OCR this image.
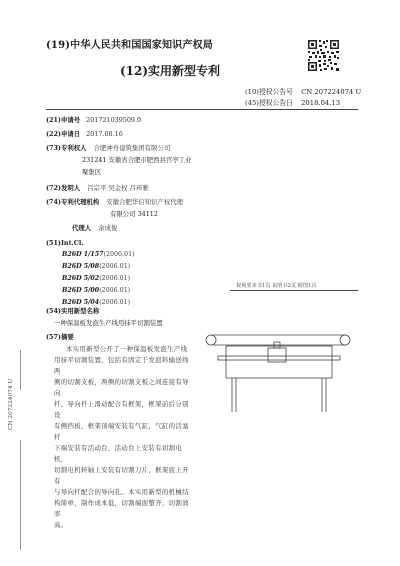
(19)中华人民共和国国家知识产权局
(12)实用新型专利
(10)授权公告号 CN 207224074 U
(45)授权公告日 2018.04.13
(21)申请号 201721039509.0
(22)申请日 2017.08.16
(73)专利权人 合肥神舟建筑集团有限公司
231241 安徽省合肥市肥西县官亭工业
聚集区
(72)发明人 吕宗平 吴金权 吕环雅
(74)专利代理机构 安徽合肥华信知识产权代理
有限公司 34112
代理人 余成俊
(51)Int.Cl.
B26D 1/157(2006.01)
B26D 5/08(2006.01)
B26D 5/02(2006.01)
B26D 5/00(2006.01)
B26D 5/04(2006.01)
权利要求书1页 说明书2页 附图1页
(54)实用新型名称
一种保温板发泡生产线用抹平切割装置
(57)摘要
本实用新型公开了一种保温板发泡生产线
用抹平切割装置，包括有固定于发泡料输送线两
侧的切割支板，两侧的切割支板之间连接有导向
杆，导向杆上滑动配合有框架，框架前后分别设
有侧挡板，框架顶端安装有气缸，气缸的活塞杆
下端安装有活动台，活动台上安装有切割电机，
切割电机转轴上安装有切割刀片，框架底上开有
与导向杆配合的导向孔。本实用新型的机械结
构简单，制作成本低，切割端面整齐，切割效率
高。
CN 207224074 U
